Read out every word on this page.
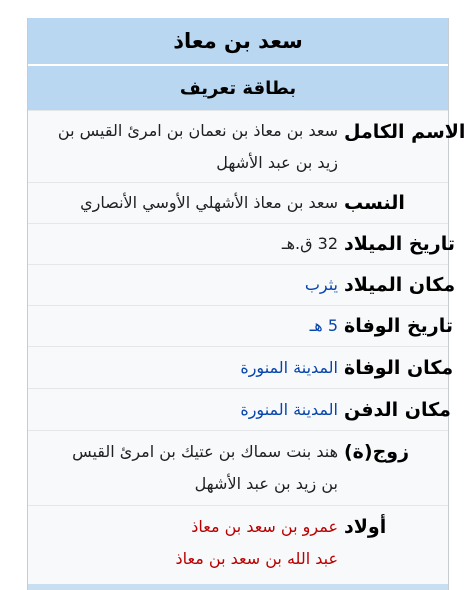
سعد بن معاذ
بطاقة تعريف
الاسم الكامل
سعد بن معاذ بن نعمان بن امرئ القيس بن
زيد بن عبد الأشهل
النسب
سعد بن معاذ الأشهلي الأوسي الأنصاري
تاريخ الميلاد
32 ق.هـ
مكان الميلاد
يثرب
تاريخ الوفاة
5 هـ
مكان الوفاة
المدينة المنورة
مكان الدفن
المدينة المنورة
زوج(ة)
هند بنت سماك بن عتيك بن امرئ القيس
بن زيد بن عبد الأشهل
أولاد
عمرو بن سعد بن معاذ
عبد الله بن سعد بن معاذ
